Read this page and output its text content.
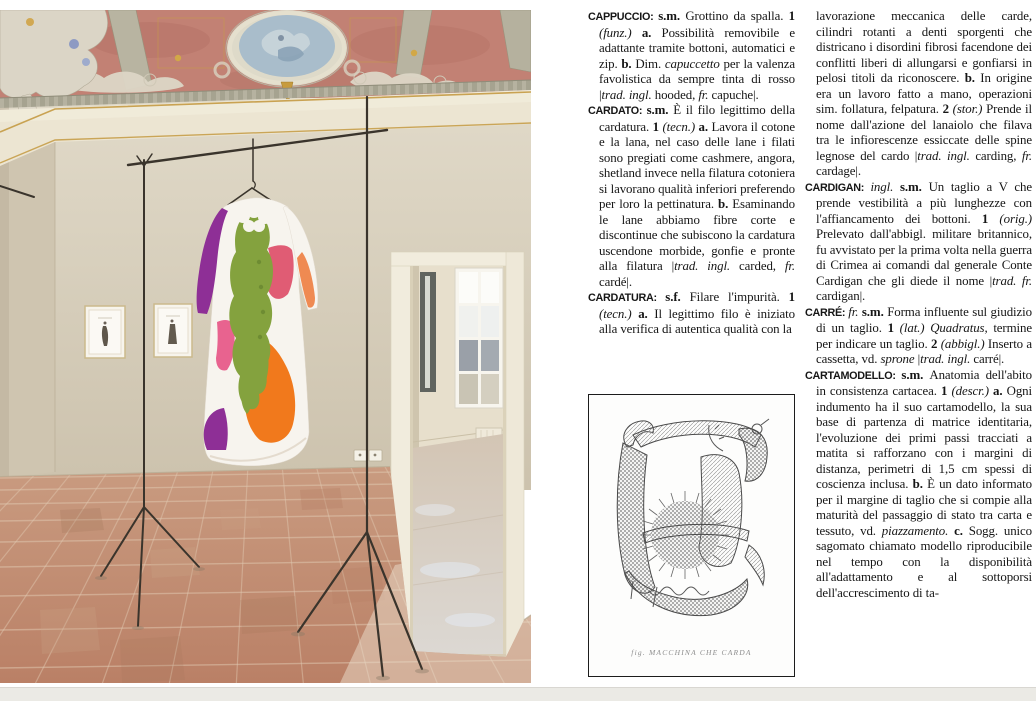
CAPPUCCIO: s.m. Grottino da spalla. 1 (funz.) a. Possibilità removibile e adattante tramite bottoni, automatici e zip. b. Dim. capuccetto per la valenza favolistica da sempre tinta di rosso |trad. ingl. hooded, fr. capuche|.

CARDATO: s.m. È il filo legittimo della cardatura. 1 (tecn.) a. Lavora il cotone e la lana, nel caso delle lane i filati sono pregiati come cashmere, angora, shetland invece nella filatura cotoniera si lavorano qualità inferiori preferendo per loro la pettinatura. b. Esaminando le lane abbiamo fibre corte e discontinue che subiscono la cardatura uscendone morbide, gonfie e pronte alla filatura |trad. ingl. carded, fr. cardé|.

CARDATURA: s.f. Filare l'impurità. 1 (tecn.) a. Il legittimo filo è iniziato alla verifica di autentica qualità con la

fig. MACCHINA CHE CARDA

lavorazione meccanica delle carde, cilindri rotanti a denti sporgenti che districano i disordini fibrosi facendone dei conflitti liberi di allungarsi e gonfiarsi in pelosi titoli da riconoscere. b. In origine era un lavoro fatto a mano, operazioni sim. follatura, felpatura. 2 (stor.) Prende il nome dall'azione del lanaiolo che filava tra le infiorescenze essiccate delle spine legnose del cardo |trad. ingl. carding, fr. cardage|.

CARDIGAN: ingl. s.m. Un taglio a V che prende vestibilità a più lunghezze con l'affiancamento dei bottoni. 1 (orig.) Prelevato dall'abbigl. militare britannico, fu avvistato per la prima volta nella guerra di Crimea ai comandi dal generale Conte Cardigan che gli diede il nome |trad. fr. cardigan|.

CARRÉ: fr. s.m. Forma influente sul giudizio di un taglio. 1 (lat.) Quadratus, termine per indicare un taglio. 2 (abbigl.) Inserto a cassetta, vd. sprone |trad. ingl. carré|.

CARTAMODELLO: s.m. Anatomia dell'abito in consistenza cartacea. 1 (descr.) a. Ogni indumento ha il suo cartamodello, la sua base di partenza di matrice identitaria, l'evoluzione dei primi passi tracciati a matita si rafforzano con i margini di distanza, perimetri di 1,5 cm spessi di coscienza inclusa. b. È un dato informato per il margine di taglio che si compie alla maturità del passaggio di stato tra carta e tessuto, vd. piazzamento. c. Sogg. unico sagomato chiamato modello riproducibile nel tempo con la disponibilità all'adattamento e al sottoporsi dell'accrescimento di ta-
